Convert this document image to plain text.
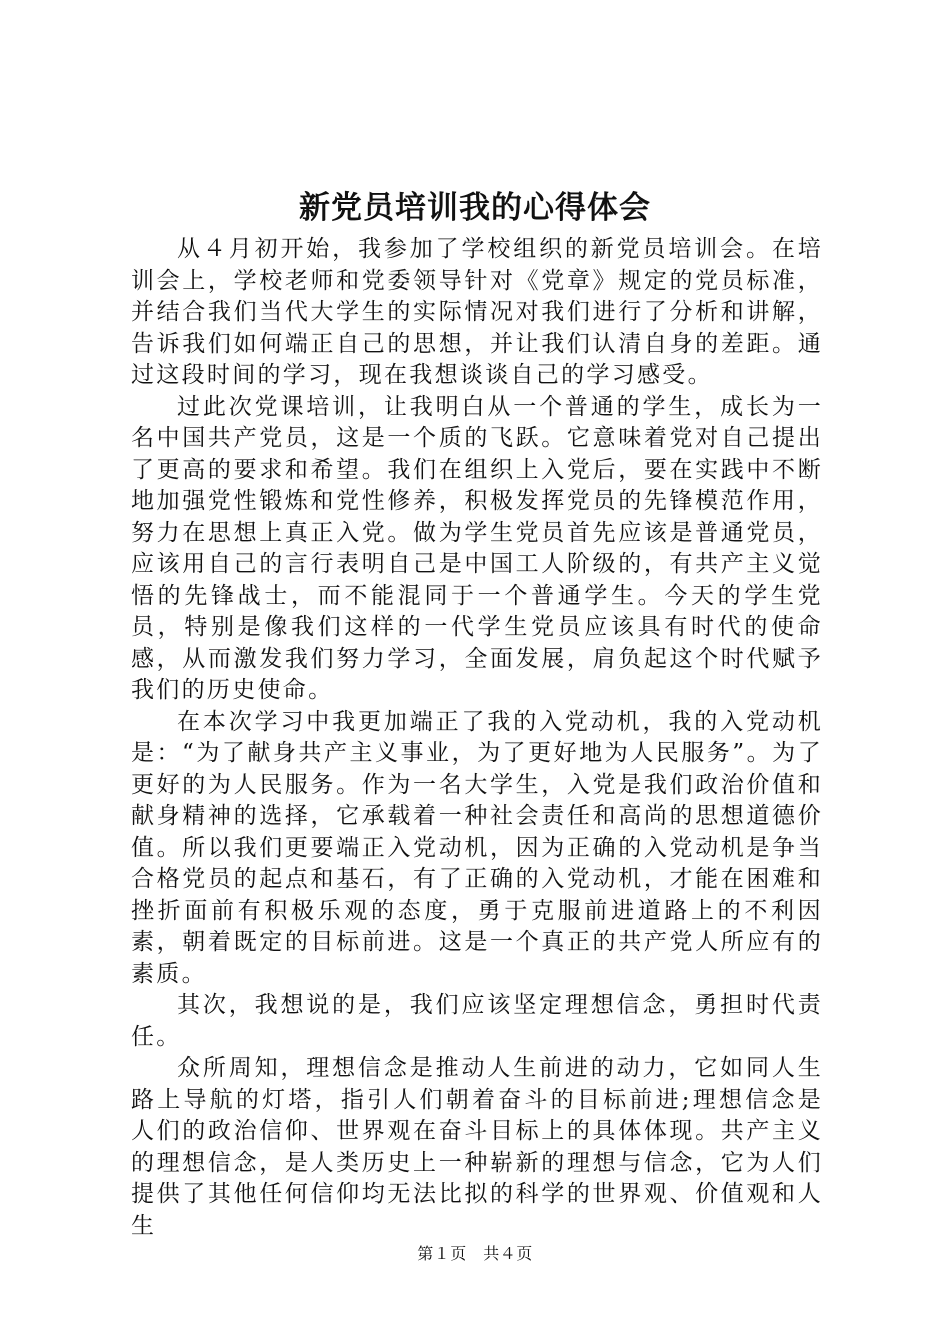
新党员培训我的心得体会

从４月初开始，我参加了学校组织的新党员培训会。在培训会上，学校老师和党委领导针对《党章》规定的党员标准，并结合我们当代大学生的实际情况对我们进行了分析和讲解，告诉我们如何端正自己的思想，并让我们认清自身的差距。通过这段时间的学习，现在我想谈谈自己的学习感受。

过此次党课培训，让我明白从一个普通的学生，成长为一名中国共产党员，这是一个质的飞跃。它意味着党对自己提出了更高的要求和希望。我们在组织上入党后，要在实践中不断地加强党性锻炼和党性修养，积极发挥党员的先锋模范作用，努力在思想上真正入党。做为学生党员首先应该是普通党员，应该用自己的言行表明自己是中国工人阶级的，有共产主义觉悟的先锋战士，而不能混同于一个普通学生。今天的学生党员，特别是像我们这样的一代学生党员应该具有时代的使命感，从而激发我们努力学习，全面发展，肩负起这个时代赋予我们的历史使命。

在本次学习中我更加端正了我的入党动机，我的入党动机是：“为了献身共产主义事业，为了更好地为人民服务”。为了更好的为人民服务。作为一名大学生，入党是我们政治价值和献身精神的选择，它承载着一种社会责任和高尚的思想道德价值。所以我们更要端正入党动机，因为正确的入党动机是争当合格党员的起点和基石，有了正确的入党动机，才能在困难和挫折面前有积极乐观的态度，勇于克服前进道路上的不利因素，朝着既定的目标前进。这是一个真正的共产党人所应有的素质。

其次，我想说的是，我们应该坚定理想信念，勇担时代责任。

众所周知，理想信念是推动人生前进的动力，它如同人生路上导航的灯塔，指引人们朝着奋斗的目标前进;理想信念是人们的政治信仰、世界观在奋斗目标上的具体体现。共产主义的理想信念，是人类历史上一种崭新的理想与信念，它为人们提供了其他任何信仰均无法比拟的科学的世界观、价值观和人生

第１页　共４页
